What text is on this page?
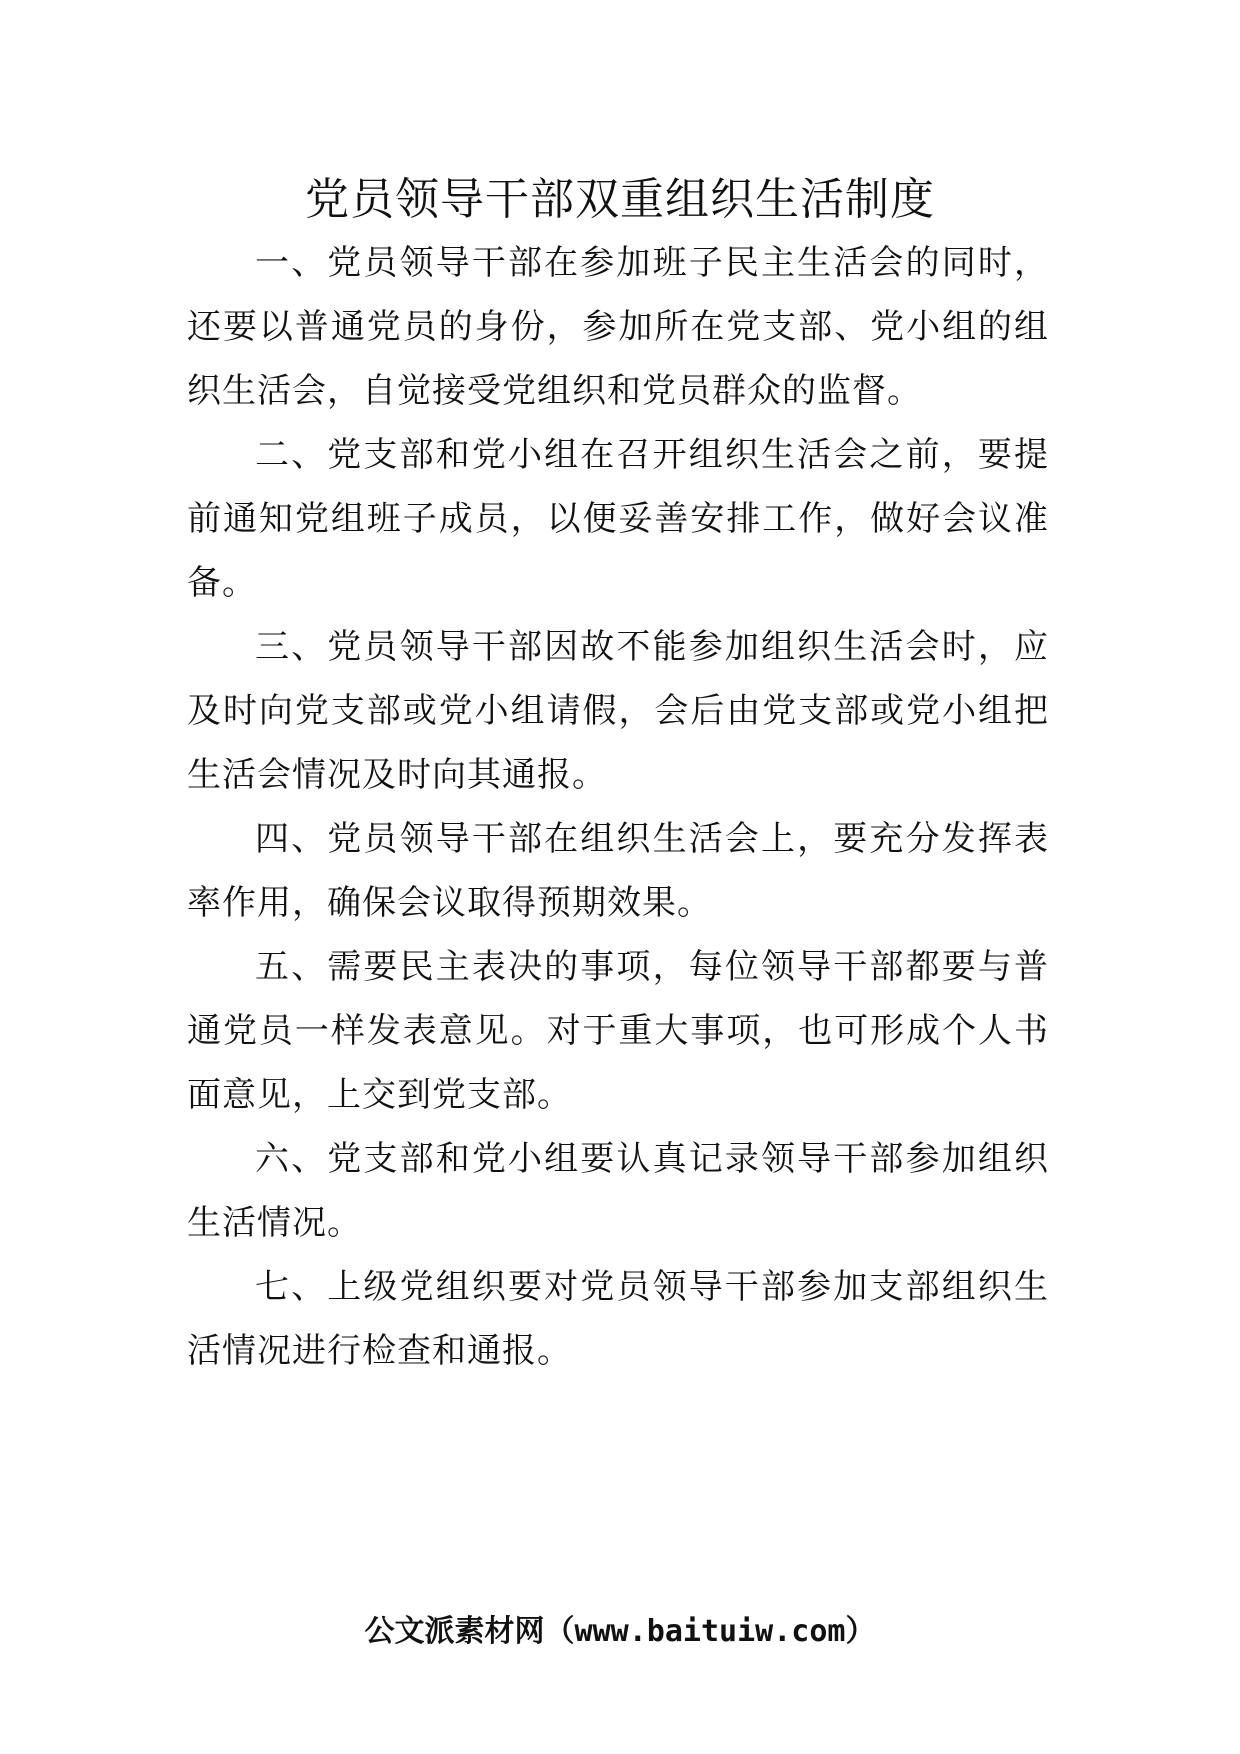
党员领导干部双重组织生活制度

一、党员领导干部在参加班子民主生活会的同时，还要以普通党员的身份，参加所在党支部、党小组的组织生活会，自觉接受党组织和党员群众的监督。

二、党支部和党小组在召开组织生活会之前，要提前通知党组班子成员，以便妥善安排工作，做好会议准备。

三、党员领导干部因故不能参加组织生活会时，应及时向党支部或党小组请假，会后由党支部或党小组把生活会情况及时向其通报。

四、党员领导干部在组织生活会上，要充分发挥表率作用，确保会议取得预期效果。

五、需要民主表决的事项，每位领导干部都要与普通党员一样发表意见。对于重大事项，也可形成个人书面意见，上交到党支部。

六、党支部和党小组要认真记录领导干部参加组织生活情况。

七、上级党组织要对党员领导干部参加支部组织生活情况进行检查和通报。

公文派素材网（www.baituiw.com）
